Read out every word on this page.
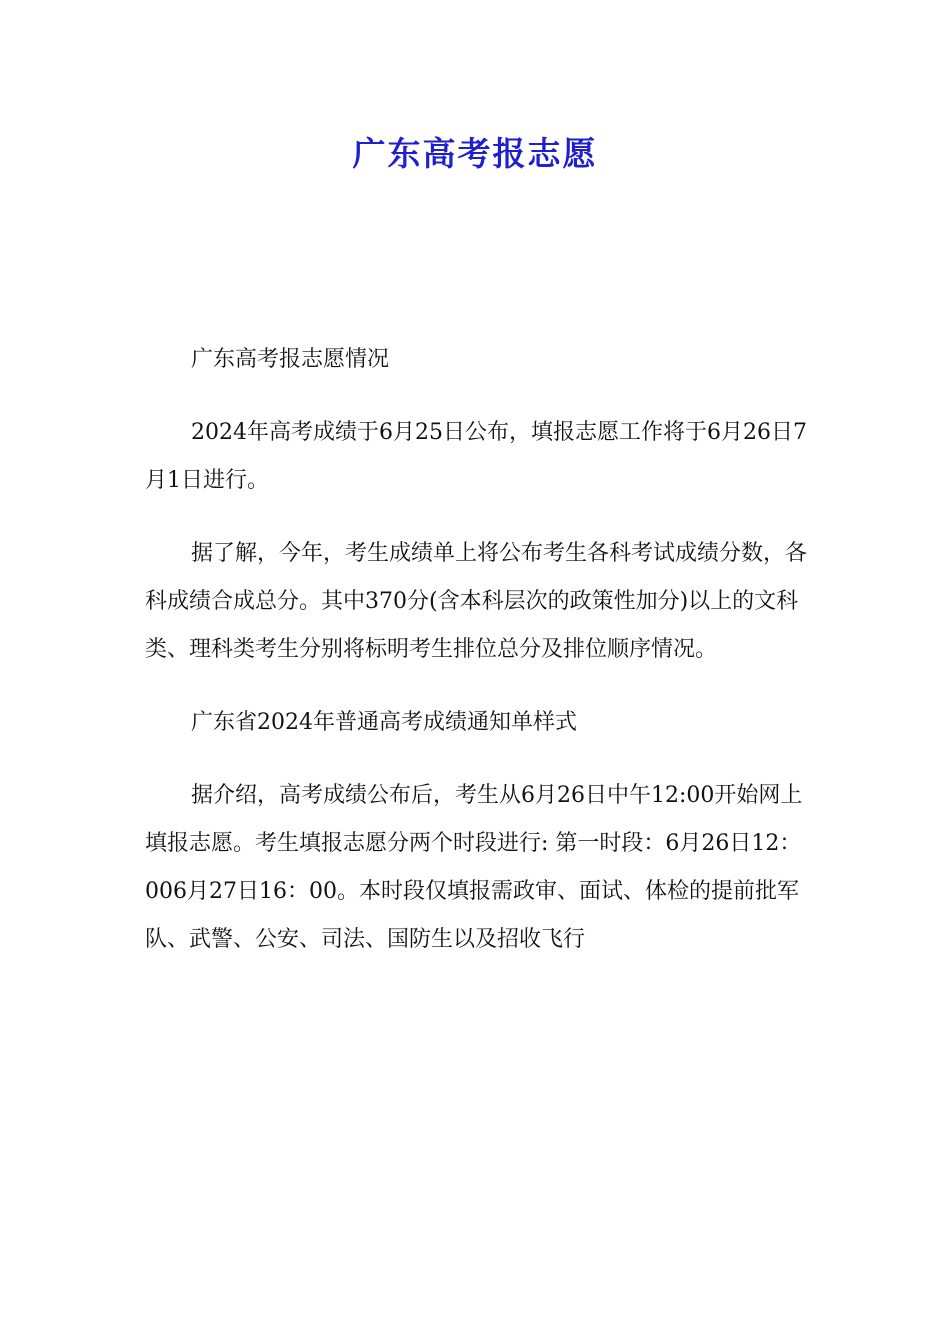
广东高考报志愿

广东高考报志愿情况

2024年高考成绩于6月25日公布，填报志愿工作将于6月26日7月1日进行。

据了解，今年，考生成绩单上将公布考生各科考试成绩分数，各科成绩合成总分。其中370分(含本科层次的政策性加分)以上的文科类、理科类考生分别将标明考生排位总分及排位顺序情况。

广东省2024年普通高考成绩通知单样式

据介绍，高考成绩公布后，考生从6月26日中午12:00开始网上填报志愿。考生填报志愿分两个时段进行: 第一时段：6月26日12：006月27日16：00。本时段仅填报需政审、面试、体检的提前批军队、武警、公安、司法、国防生以及招收飞行
